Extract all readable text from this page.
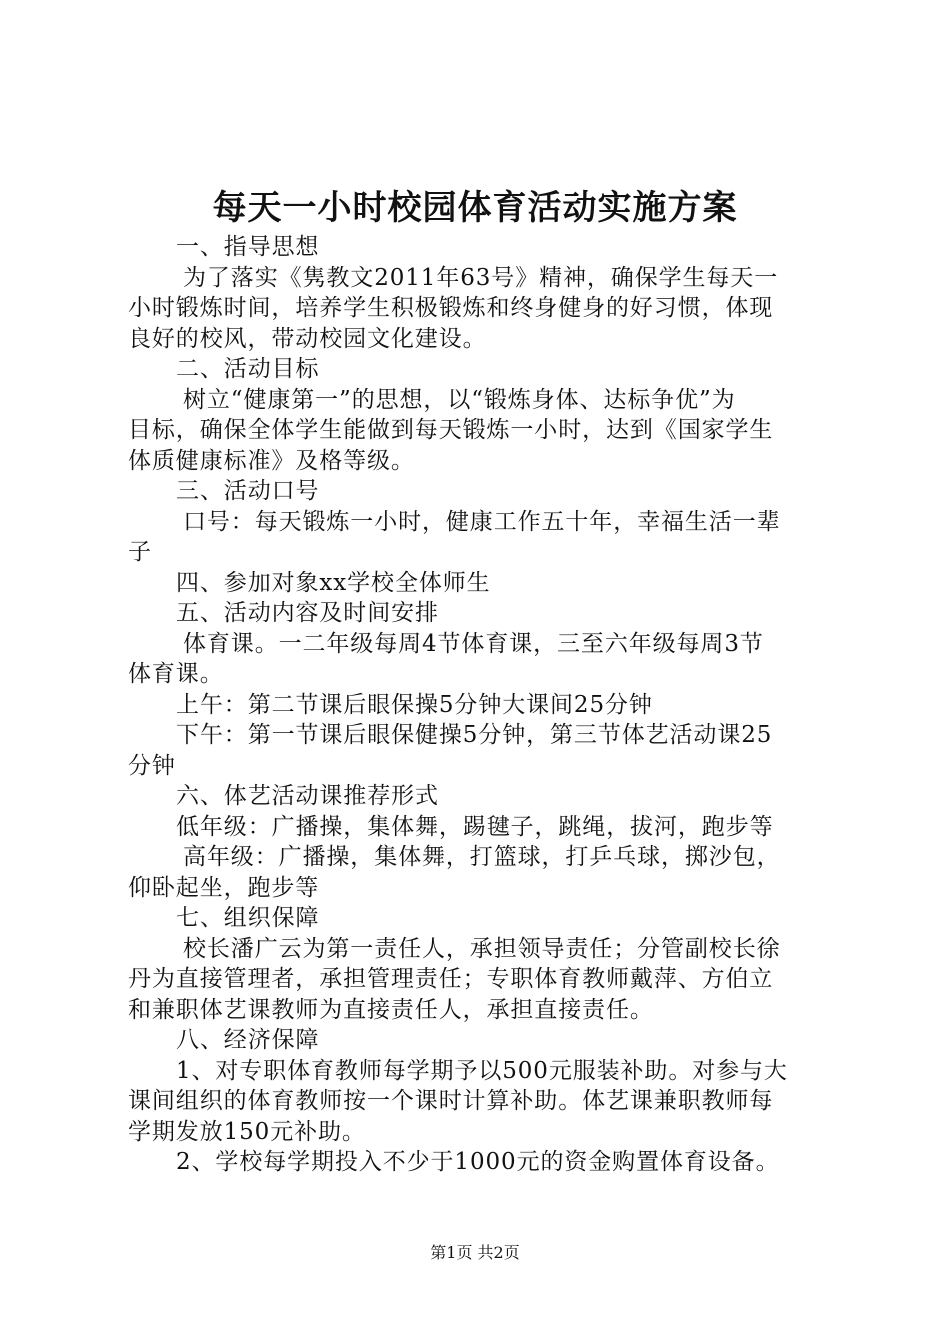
每天一小时校园体育活动实施方案
一、指导思想
为了落实《隽教文2011年63号》精神，确保学生每天一
小时锻炼时间，培养学生积极锻炼和终身健身的好习惯，体现
良好的校风，带动校园文化建设。
二、活动目标
树立“健康第一”的思想，以“锻炼身体、达标争优”为
目标，确保全体学生能做到每天锻炼一小时，达到《国家学生
体质健康标准》及格等级。
三、活动口号
口号：每天锻炼一小时，健康工作五十年，幸福生活一辈
子
四、参加对象xx学校全体师生
五、活动内容及时间安排
体育课。一二年级每周4节体育课，三至六年级每周3节
体育课。
上午：第二节课后眼保操5分钟大课间25分钟
下午：第一节课后眼保健操5分钟，第三节体艺活动课25
分钟
六、体艺活动课推荐形式
低年级：广播操，集体舞，踢毽子，跳绳，拔河，跑步等
高年级：广播操，集体舞，打篮球，打乒乓球，掷沙包，
仰卧起坐，跑步等
七、组织保障
校长潘广云为第一责任人，承担领导责任；分管副校长徐
丹为直接管理者，承担管理责任；专职体育教师戴萍、方伯立
和兼职体艺课教师为直接责任人，承担直接责任。
八、经济保障
1、对专职体育教师每学期予以500元服装补助。对参与大
课间组织的体育教师按一个课时计算补助。体艺课兼职教师每
学期发放150元补助。
2、学校每学期投入不少于1000元的资金购置体育设备。
第1页 共2页
